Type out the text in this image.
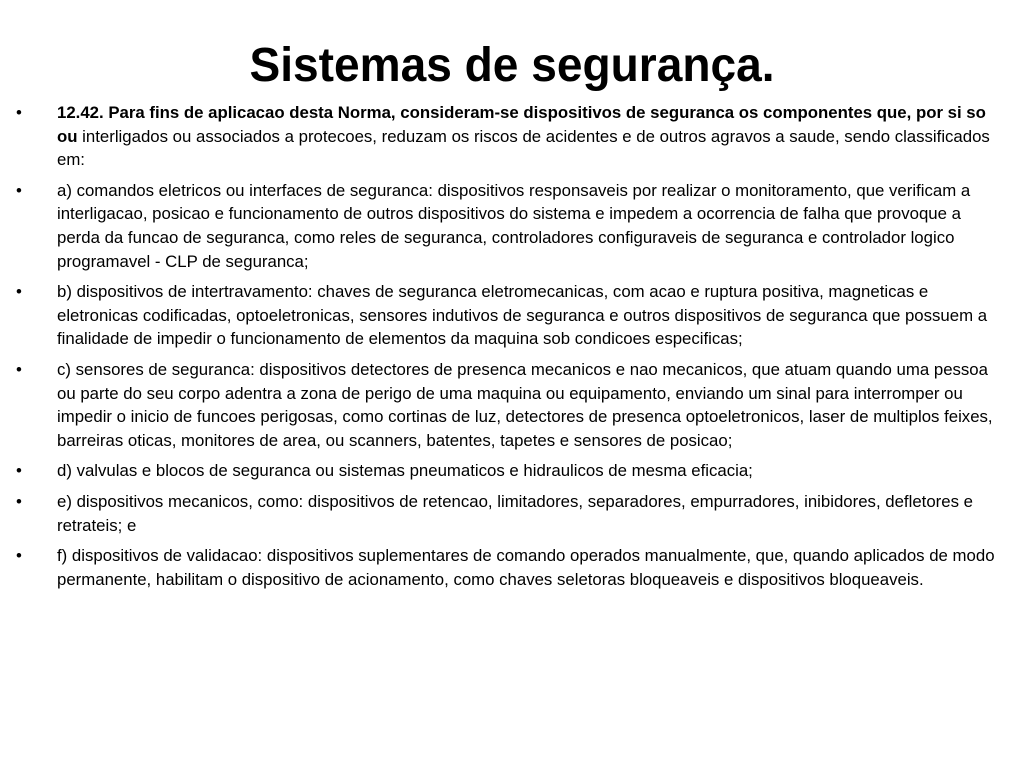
Sistemas de segurança.
• 12.42. Para fins de aplicacao desta Norma, consideram-se dispositivos de seguranca os componentes que, por si so ou interligados ou associados a protecoes, reduzam os riscos de acidentes e de outros agravos a saude, sendo classificados em:
• a) comandos eletricos ou interfaces de seguranca: dispositivos responsaveis por realizar o monitoramento, que verificam a interligacao, posicao e funcionamento de outros dispositivos do sistema e impedem a ocorrencia de falha que provoque a perda da funcao de seguranca, como reles de seguranca, controladores configuraveis de seguranca e controlador logico programavel - CLP de seguranca;
• b) dispositivos de intertravamento: chaves de seguranca eletromecanicas, com acao e ruptura positiva, magneticas e eletronicas codificadas, optoeletronicas, sensores indutivos de seguranca e outros dispositivos de seguranca que possuem a finalidade de impedir o funcionamento de elementos da maquina sob condicoes especificas;
• c) sensores de seguranca: dispositivos detectores de presenca mecanicos e nao mecanicos, que atuam quando uma pessoa ou parte do seu corpo adentra a zona de perigo de uma maquina ou equipamento, enviando um sinal para interromper ou impedir o inicio de funcoes perigosas, como cortinas de luz, detectores de presenca optoeletronicos, laser de multiplos feixes, barreiras oticas, monitores de area, ou scanners, batentes, tapetes e sensores de posicao;
• d) valvulas e blocos de seguranca ou sistemas pneumaticos e hidraulicos de mesma eficacia;
• e) dispositivos mecanicos, como: dispositivos de retencao, limitadores, separadores, empurradores, inibidores, defletores e retrateis; e
• f) dispositivos de validacao: dispositivos suplementares de comando operados manualmente, que, quando aplicados de modo permanente, habilitam o dispositivo de acionamento, como chaves seletoras bloqueaveis e dispositivos bloqueaveis.
